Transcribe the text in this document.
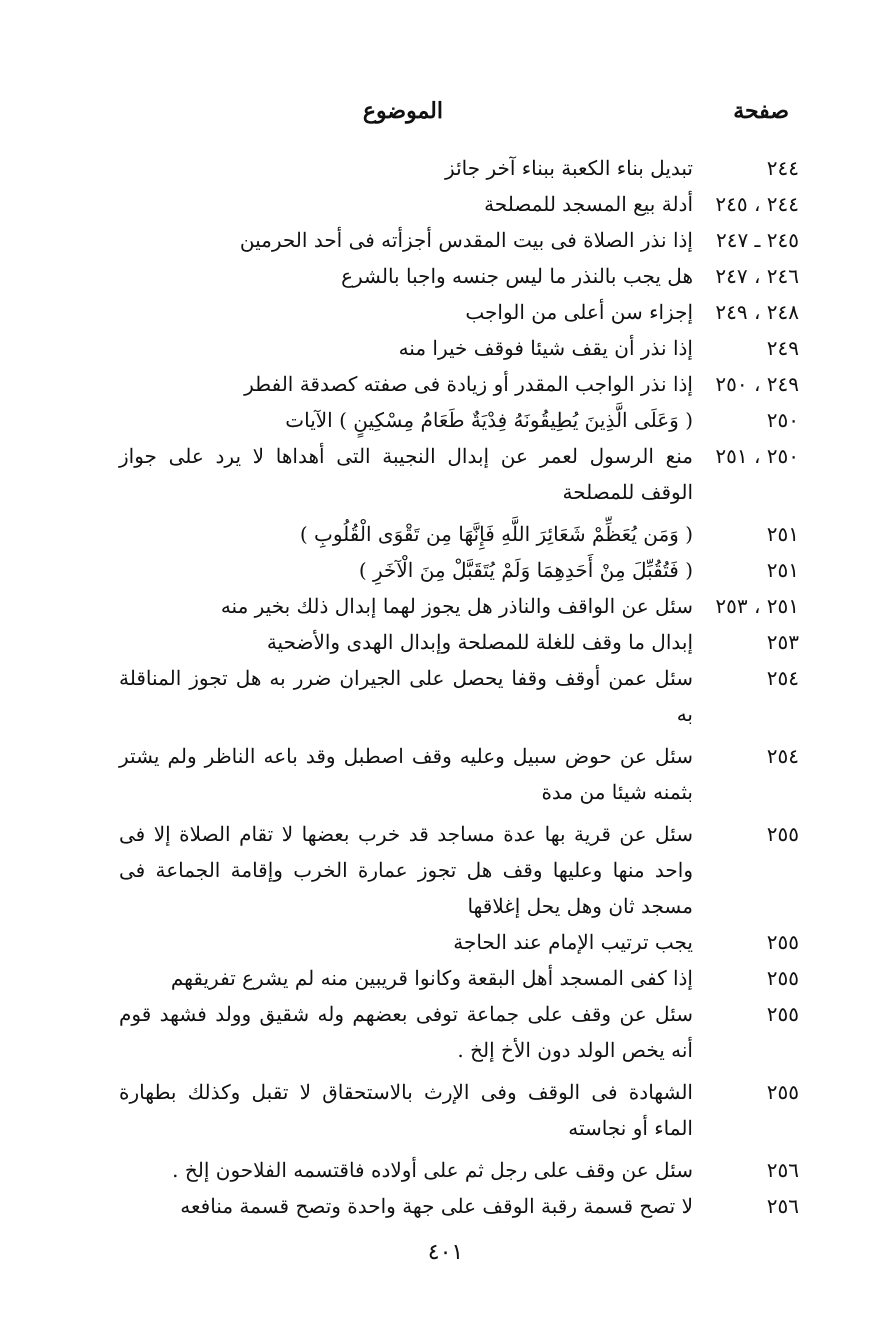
صفحة
الموضوع
٢٤٤
تبديل بناء الكعبة ببناء آخر جائز
٢٤٤ ، ٢٤٥
أدلة بيع المسجد للمصلحة
٢٤٥ ـ ٢٤٧
إذا نذر الصلاة فى بيت المقدس أجزأته فى أحد الحرمين
٢٤٦ ، ٢٤٧
هل يجب بالنذر ما ليس جنسه واجبا بالشرع
٢٤٨ ، ٢٤٩
إجزاء سن أعلى من الواجب
٢٤٩
إذا نذر أن يقف شيئا فوقف خيرا منه
٢٤٩ ، ٢٥٠
إذا نذر الواجب المقدر أو زيادة فى صفته كصدقة الفطر
٢٥٠
( وَعَلَى الَّذِينَ يُطِيقُونَهُ فِدْيَةٌ طَعَامُ مِسْكِينٍ ) الآيات
٢٥٠ ، ٢٥١
منع الرسول لعمر عن إبدال النجيبة التى أهداها لا يرد على جواز الوقف للمصلحة
٢٥١
( وَمَن يُعَظِّمْ شَعَائِرَ اللَّهِ فَإِنَّهَا مِن تَقْوَى الْقُلُوبِ )
٢٥١
( فَتُقُبِّلَ مِنْ أَحَدِهِمَا وَلَمْ يُتَقَبَّلْ مِنَ الْآخَرِ )
٢٥١ ، ٢٥٣
سئل عن الواقف والناذر هل يجوز لهما إبدال ذلك بخير منه
٢٥٣
إبدال ما وقف للغلة للمصلحة وإبدال الهدى والأضحية
٢٥٤
سئل عمن أوقف وقفا يحصل على الجيران ضرر به هل تجوز المناقلة به
٢٥٤
سئل عن حوض سبيل وعليه وقف اصطبل وقد باعه الناظر ولم يشتر بثمنه شيئا من مدة
٢٥٥
سئل عن قرية بها عدة مساجد قد خرب بعضها لا تقام الصلاة إلا فى واحد منها وعليها وقف هل تجوز عمارة الخرب وإقامة الجماعة فى مسجد ثان وهل يحل إغلاقها
٢٥٥
يجب ترتيب الإمام عند الحاجة
٢٥٥
إذا كفى المسجد أهل البقعة وكانوا قريبين منه لم يشرع تفريقهم
٢٥٥
سئل عن وقف على جماعة توفى بعضهم وله شقيق وولد فشهد قوم أنه يخص الولد دون الأخ إلخ .
٢٥٥
الشهادة فى الوقف وفى الإرث بالاستحقاق لا تقبل وكذلك بطهارة الماء أو نجاسته
٢٥٦
سئل عن وقف على رجل ثم على أولاده فاقتسمه الفلاحون إلخ .
٢٥٦
لا تصح قسمة رقبة الوقف على جهة واحدة وتصح قسمة منافعه
٤٠١
